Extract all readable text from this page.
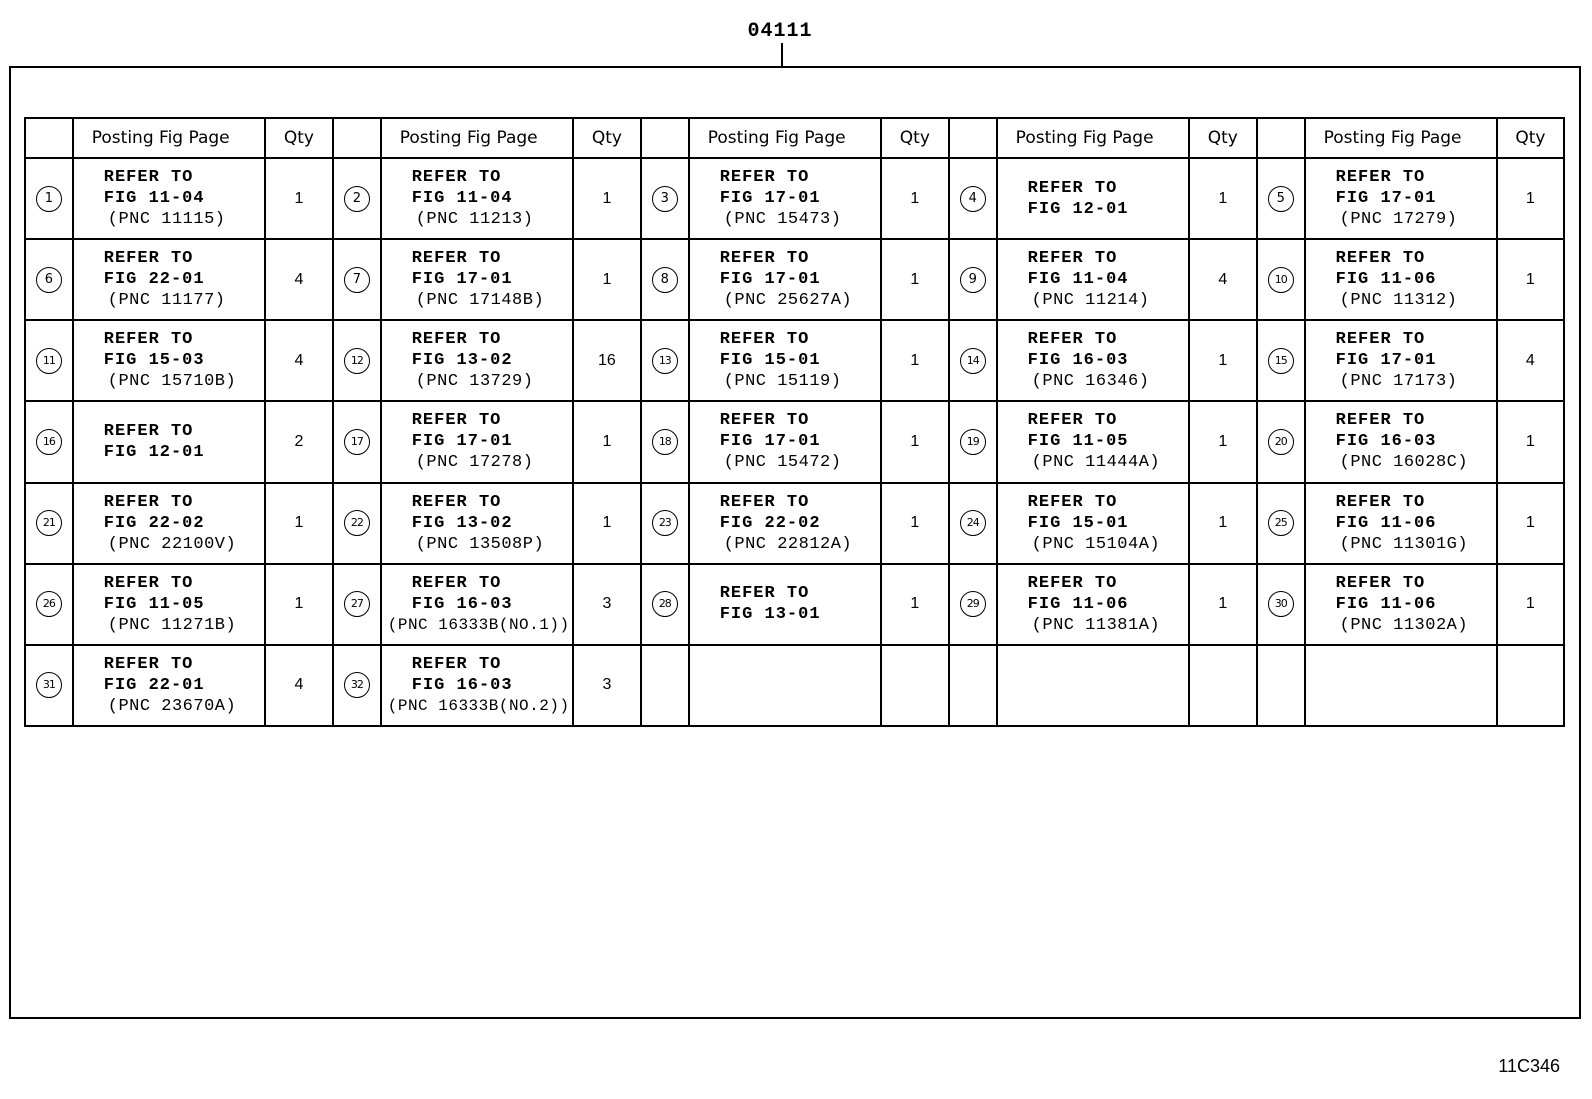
04111
	Posting Fig Page	Qty		Posting Fig Page	Qty		Posting Fig Page	Qty		Posting Fig Page	Qty		Posting Fig Page	Qty
1	REFER TO
FIG 11-04
(PNC 11115)	1	2	REFER TO
FIG 11-04
(PNC 11213)	1	3	REFER TO
FIG 17-01
(PNC 15473)	1	4	REFER TO
FIG 12-01	1	5	REFER TO
FIG 17-01
(PNC 17279)	1
6	REFER TO
FIG 22-01
(PNC 11177)	4	7	REFER TO
FIG 17-01
(PNC 17148B)	1	8	REFER TO
FIG 17-01
(PNC 25627A)	1	9	REFER TO
FIG 11-04
(PNC 11214)	4	10	REFER TO
FIG 11-06
(PNC 11312)	1
11	REFER TO
FIG 15-03
(PNC 15710B)	4	12	REFER TO
FIG 13-02
(PNC 13729)	16	13	REFER TO
FIG 15-01
(PNC 15119)	1	14	REFER TO
FIG 16-03
(PNC 16346)	1	15	REFER TO
FIG 17-01
(PNC 17173)	4
16	REFER TO
FIG 12-01	2	17	REFER TO
FIG 17-01
(PNC 17278)	1	18	REFER TO
FIG 17-01
(PNC 15472)	1	19	REFER TO
FIG 11-05
(PNC 11444A)	1	20	REFER TO
FIG 16-03
(PNC 16028C)	1
21	REFER TO
FIG 22-02
(PNC 22100V)	1	22	REFER TO
FIG 13-02
(PNC 13508P)	1	23	REFER TO
FIG 22-02
(PNC 22812A)	1	24	REFER TO
FIG 15-01
(PNC 15104A)	1	25	REFER TO
FIG 11-06
(PNC 11301G)	1
26	REFER TO
FIG 11-05
(PNC 11271B)	1	27	REFER TO
FIG 16-03
(PNC 16333B(NO.1))	3	28	REFER TO
FIG 13-01	1	29	REFER TO
FIG 11-06
(PNC 11381A)	1	30	REFER TO
FIG 11-06
(PNC 11302A)	1
31	REFER TO
FIG 22-01
(PNC 23670A)	4	32	REFER TO
FIG 16-03
(PNC 16333B(NO.2))	3									
11C346
